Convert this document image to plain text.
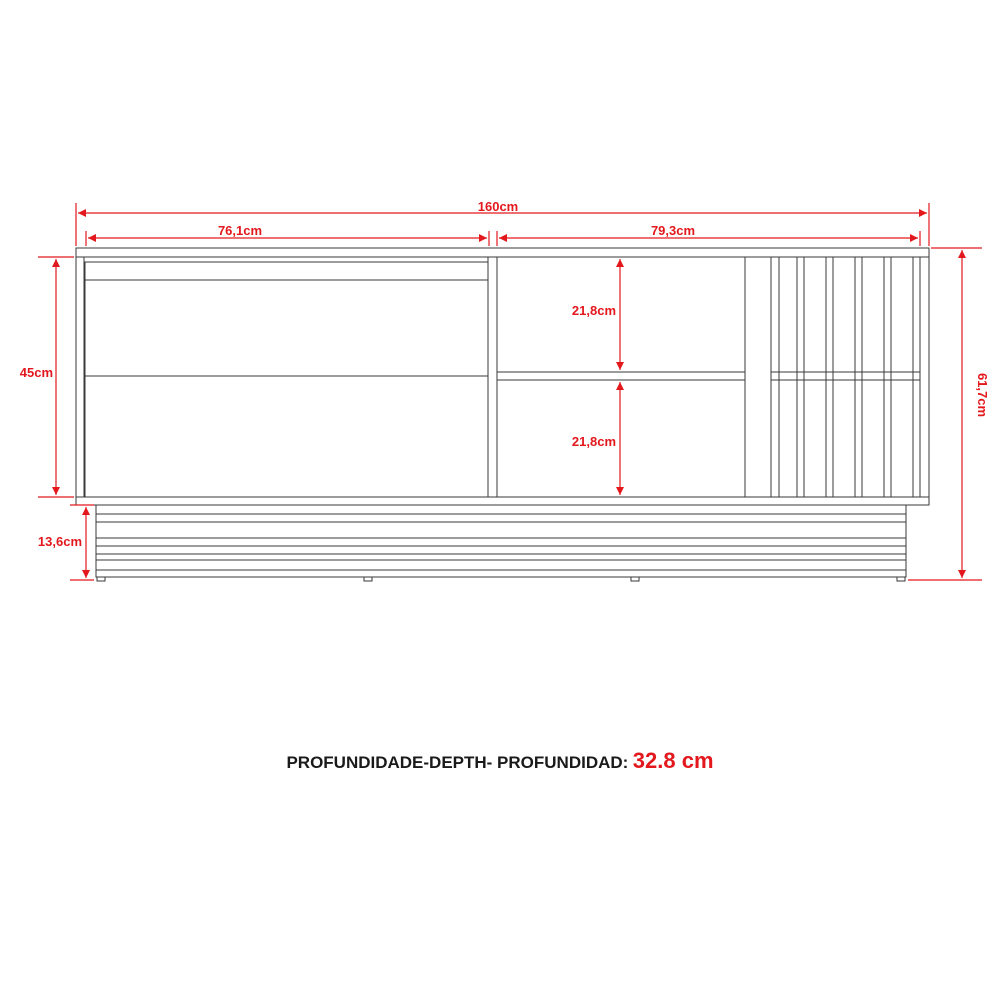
160cm
76,1cm	79,3cm
45cm
13,6cm
21,8cm
21,8cm
61,7cm
PROFUNDIDADE-DEPTH- PROFUNDIDAD: 32.8 cm
